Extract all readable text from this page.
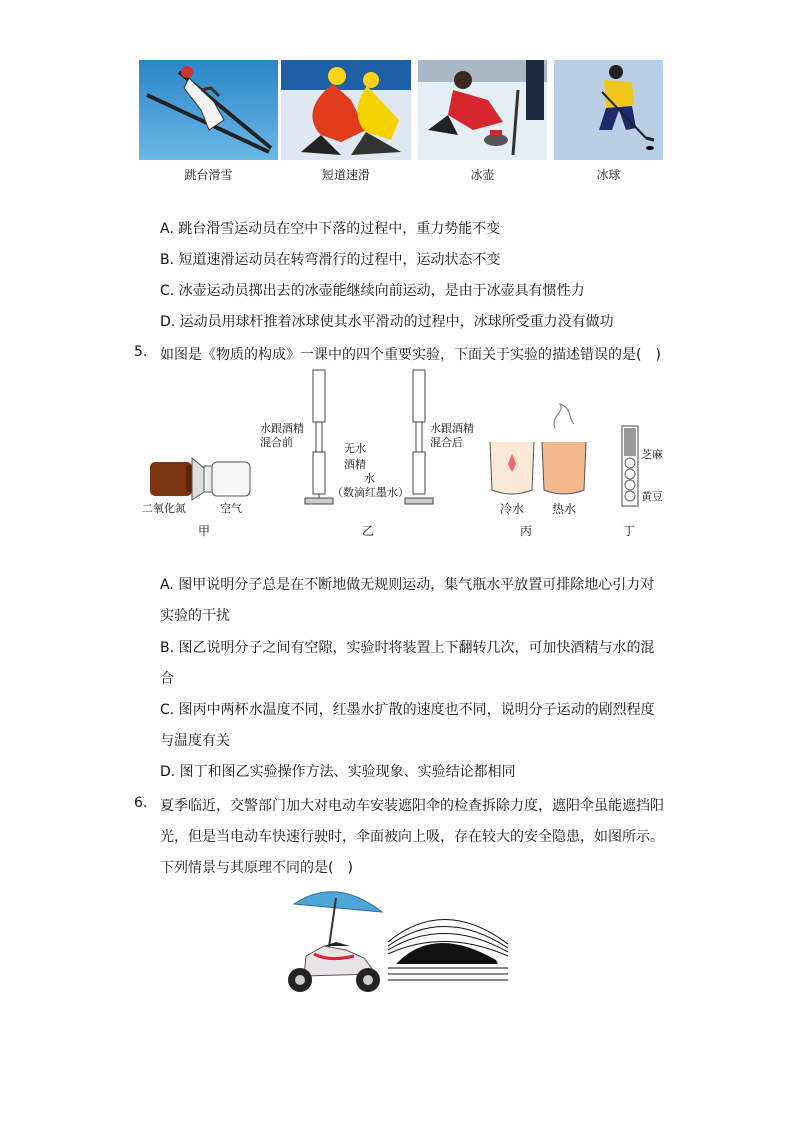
跳台滑雪	短道速滑	冰壶	冰球
A. 跳台滑雪运动员在空中下落的过程中，重力势能不变
B. 短道速滑运动员在转弯滑行的过程中，运动状态不变
C. 冰壶运动员掷出去的冰壶能继续向前运动，是由于冰壶具有惯性力
D. 运动员用球杆推着冰球使其水平滑动的过程中，冰球所受重力没有做功
5. 如图是《物质的构成》一课中的四个重要实验，下面关于实验的描述错误的是(　)
二氧化氮	空气
水跟酒精
混合前	无水
酒精
水
（数滴红墨水）
水跟酒精
混合后
冷水 热水
芝麻
黄豆
甲	乙	丙	丁
A. 图甲说明分子总是在不断地做无规则运动，集气瓶水平放置可排除地心引力对
实验的干扰
B. 图乙说明分子之间有空隙，实验时将装置上下翻转几次，可加快酒精与水的混
合
C. 图丙中两杯水温度不同，红墨水扩散的速度也不同，说明分子运动的剧烈程度
与温度有关
D. 图丁和图乙实验操作方法、实验现象、实验结论都相同
6. 夏季临近，交警部门加大对电动车安装遮阳伞的检查拆除力度，遮阳伞虽能遮挡阳
光，但是当电动车快速行驶时，伞面被向上吸，存在较大的安全隐患，如图所示。
下列情景与其原理不同的是(　)
